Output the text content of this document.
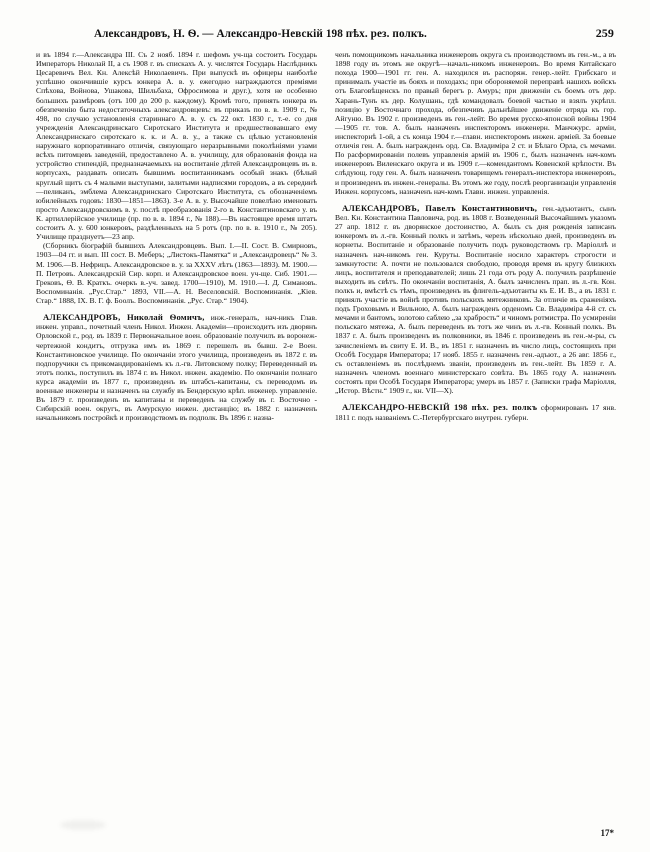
Александровъ, Н. Ѳ. — Александро-Невскій 198 пѣх. рез. полкъ.	259

и въ 1894 г.—Александра III. Съ 2 нояб. 1894 г. шефомъ уч-ща состоитъ Государь Императоръ Николай II, а съ 1908 г. въ спискахъ А. у. числятся Государь Наслѣдникъ Цесаревичъ Вел. Кн. Алексѣй Николаевичъ. При выпускѣ въ офицеры наиболѣе успѣшно окончившіе курсъ юнкера А. в. у. ежегодно награждаются премiями Спѣхова, Войнова, Ушакова, Шильбаха, Офросимова и друг.), хотя не особенно большихъ размѣровъ (отъ 100 до 200 р. каждому). Кромѣ того, принять юнкера въ обезпеченiю быта недостаточныхъ александровцевъ: въ приказъ по в. в. 1909 г., № 498, по случаю установленія стариннаго А. в. у. съ 22 окт. 1830 г., т.-е. со дня учрежденія Александринскаго Сиротскаго Института и предшествовавшаго ему Александринскаго сиротскаго к. к. и А. в. у., а также съ цѣлью установленія наружнаго корпоративнаго отличія, связующаго неразрывными поколѣніями узами всѣхъ питомцевъ заведеній, предоставлено А. в. училищу, для образованія фонда на устройство стипендій, предназначаемыхъ на воспитаніе дѣтей Александровцевъ въ в. корпусахъ, раздавать описать бывшимъ воспитанникамъ особый знакъ (бѣлый круглый щитъ съ 4 малыми выступами, залитыми надписями городовъ, а въ серединѣ—пеликанъ, эмблема Александринскаго Сиротскаго Института, съ обозначеніемъ юбилейныхъ годовъ: 1830—1851—1863). З-е А. в. у. Высочайше повелѣно именовать просто Александровскимъ в. у. послѣ преобразованія 2-го в. Константиновскаго у. въ К. артиллерійское училище (пр. по в. в. 1894 г., № 188).—Въ настоящее время штатъ состоитъ А. у. 600 юнкеровъ, раздѣленныхъ на 5 ротъ (пр. по в. в. 1910 г., № 205). Училище празднуетъ—23 апр.

(Сборникъ біографій бывшихъ Александровцевъ. Вып. I.—II. Сост. В. Смирновъ, 1903—04 гг. и вып. III сост. В. Меберъ; „Листокъ-Памятка“ и „Александровецъ“ № 3. М. 1906.—В. Нефрицъ. Александровское в. у. за XXXV лѣтъ (1863—1893). М. 1900.—П. Петровъ. Александрскій Сир. корп. и Александровское воен. уч-ще. Сиб. 1901.— Грековъ, Ѳ. В. Краткъ. очеркъ в.-уч. завед. 1700—1910), М. 1910.—І. Д. Симановъ. Воспоминанія. „Рус.Стар.“ 1893, VII.—А. Н. Веселовскій. Воспоминанія. „Кіев. Стар.“ 1888, IX. В. Г. ф. Боолъ. Воспоминанія. „Рус. Стар.“ 1904).

АЛЕКСАНДРОВЪ, Николай Ѳомичъ, инж.-генералъ, нач-никъ Глав. инжен. управл., почетный членъ Никол. Инжен. Академіи—происходитъ изъ дворянъ Орловской г., род. въ 1839 г. Первоначальное воен. образованіе получилъ въ воронеж-чертежной кондитъ, отгрузка имъ въ 1869 г. перешелъ въ бывш. 2-е Воен. Константиновское училище. По окончаніи этого училища, произведенъ въ 1872 г. въ подпоручики съ прикомандированіемъ къ л.-гв. Литовскому полку; Переведенный въ этотъ полкъ, поступилъ въ 1874 г. въ Никол. инжен. академію. По окончаніи полнаго курса академіи въ 1877 г., произведенъ въ штабсъ-капитаны, съ переводомъ въ военные инженеры и назначенъ на службу въ Бендерскую крѣп. инженер. управленіе. Въ 1879 г. произведенъ въ капитаны и переведенъ на службу въ г. Восточно - Сибирскій воен. округъ, въ Амурскую инжен. дистанцію; въ 1882 г. назначенъ начальникомъ постройкѣ и производствомъ въ подполк. Въ 1896 г. назна-

ченъ помощникомъ начальника инженеровъ округа съ производствомъ въ ген.-м., а въ 1898 году въ этомъ же округѣ—началь-никомъ инженеровъ. Во время Китайскаго похода 1900—1901 гг. ген. А. находился въ распоряж. генер.-лейт. Грибскаго и принималъ участіе въ бояхъ и походахъ; при обороняемой переправѣ нашихъ войскъ отъ Благовѣщенскъ по правый берегъ р. Амуръ; при движеніи съ боемъ отъ дер. Харань-Тунъ къ дер. Колушань, гдѣ командовалъ боевой частью и взялъ укрѣпл. позицію у Восточнаго прохода, обезпечивъ дальнѣйшее движеніе отряда къ гор. Айгуню. Въ 1902 г. произведенъ въ ген.-лейт. Во время русско-японской войны 1904—1905 гг. тов. А. былъ назначенъ инспекторомъ инженерн. Манчжурс. арміи, инспекторнѣ 1-ой, а съ конца 1904 г.—главн. инспекторомъ инжен. арміей. За боевые отличія ген. А. былъ награжденъ орд. Св. Владиміра 2 ст. и Бѣлаго Орла, съ мечами. По расформированіи полевъ управленія армій въ 1906 г., былъ назначенъ нач-комъ инженеровъ Виленскаго округа и въ 1909 г.—комендантомъ Ковенской крѣпости. Въ слѣдующ. году ген. А. былъ назначенъ товарищемъ генералъ-инспектора инженеровъ, и произведенъ въ инжен.-генералы. Въ этомъ же году, послѣ реорганизаціи управленія Инжен. корпусомъ, назначенъ нач-комъ Главн. инжен. управленія.

АЛЕКСАНДРОВЪ, Павелъ Константиновичъ, ген.-адъютантъ, сынъ Вел. Кн. Константина Павловича, род. въ 1808 г. Возведенный Высочайшимъ указомъ 27 апр. 1812 г. въ дворянское достоинство, А. былъ съ дня рожденія записанъ юнкеромъ въ л.-гв. Конный полкъ и затѣмъ, черезъ нѣсколько дней, произведенъ въ корнеты. Воспитанiе и образованiе получить подъ руководствомъ гр. Марiоллѣ и назначенъ нач-никомъ ген. Куруты. Воспитанiе носило характеръ строгости и замкнутости: А. почти не пользовался свободою, проводя время въ кругу близкихъ лицъ, воспитателя и преподавателей; лишь 21 года отъ роду А. получилъ разрѣшеніе выходить въ свѣтъ. По окончаніи воспитанія, А. былъ зачисленъ прап. въ л.-гв. Кон. полкъ и, вмѣстѣ съ тѣмъ, произведенъ въ флигель-адъютанты къ Е. И. В., а въ 1831 г. принялъ участіе въ войнѣ противъ польскихъ мятежниковъ. За отличіе въ сраженіяхъ подъ Гроховымъ и Вильною, А. былъ награжденъ орденомъ Св. Владиміра 4-й ст. съ мечами и бантомъ, золотою саблею „за храбрость“ и чиномъ ротмистра. По усмиреніи польскаго мятежа, А. былъ переведенъ въ тотъ же чинъ въ л.-гв. Конный полкъ. Въ 1837 г. А. былъ произведенъ въ полковники, въ 1846 г. произведенъ въ ген.-м-ры, съ зачисленіемъ въ свиту Е. И. В., въ 1851 г. назначенъ въ число лицъ, состоящихъ при Особѣ Государя Императора; 17 нояб. 1855 г. назначенъ ген.-адъют., а 26 авг. 1856 г., съ оставленіемъ въ послѣднемъ званіи, произведенъ въ ген.-лейт. Въ 1859 г. А. назначенъ членомъ военнаго министерскаго совѣта. Въ 1865 году А. назначенъ состоять при Особѣ Государя Императора; умеръ въ 1857 г. (Записки графа Марiолля, „Истор. Вѣстн.“ 1909 г., кн. VII—X).

АЛЕКСАНДРО-НЕВСКІЙ 198 пѣх. рез. полкъ сформированъ 17 янв. 1811 г. подъ названіемъ С.-Петербургскаго внутрен. губерн.

17*
